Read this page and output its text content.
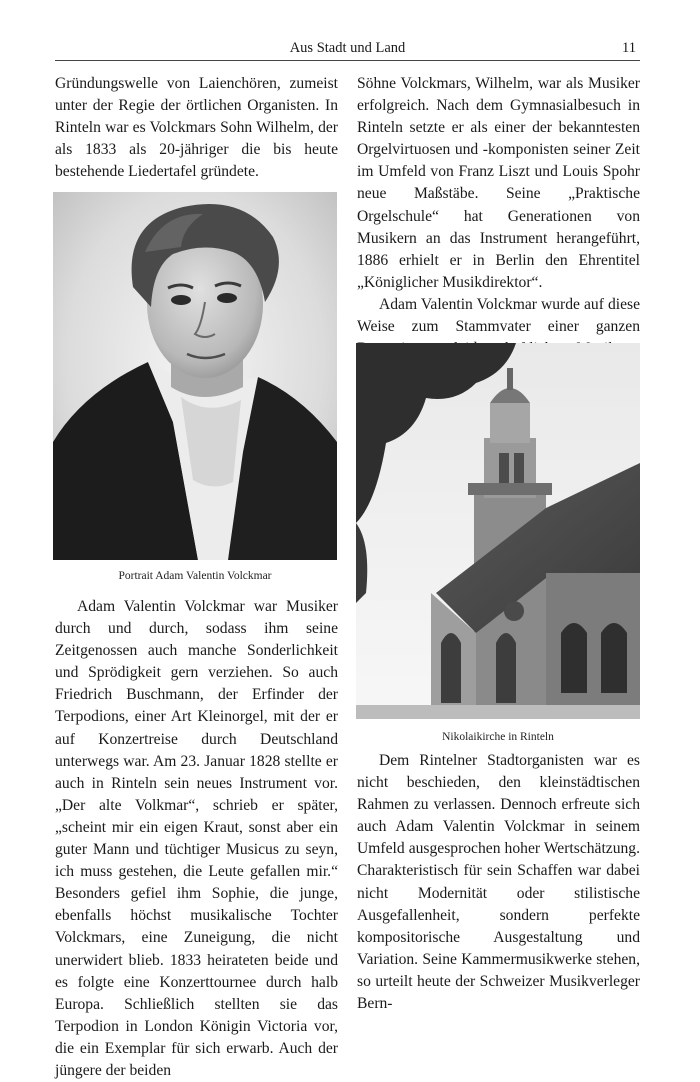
Aus Stadt und Land	11

Gründungswelle von Laienchören, zumeist unter der Regie der örtlichen Organisten. In Rinteln war es Volckmars Sohn Wilhelm, der als 1833 als 20-jähriger die bis heute bestehende Liedertafel gründete.

Portrait Adam Valentin Volckmar

Adam Valentin Volckmar war Musiker durch und durch, sodass ihm seine Zeitgenossen auch manche Sonderlichkeit und Sprödigkeit gern verziehen. So auch Friedrich Buschmann, der Erfinder der Terpodions, einer Art Kleinorgel, mit der er auf Konzertreise durch Deutschland unterwegs war. Am 23. Januar 1828 stellte er auch in Rinteln sein neues Instrument vor. „Der alte Volkmar“, schrieb er später, „scheint mir ein eigen Kraut, sonst aber ein guter Mann und tüchtiger Musicus zu seyn, ich muss gestehen, die Leute gefallen mir.“ Besonders gefiel ihm Sophie, die junge, ebenfalls höchst musikalische Tochter Volckmars, eine Zuneigung, die nicht unerwidert blieb. 1833 heirateten beide und es folgte eine Konzerttournee durch halb Europa. Schließlich stellten sie das Terpodion in London Königin Victoria vor, die ein Exemplar für sich erwarb. Auch der jüngere der beiden

Söhne Volckmars, Wilhelm, war als Musiker erfolgreich. Nach dem Gymnasialbesuch in Rinteln setzte er als einer der bekanntesten Orgelvirtuosen und -komponisten seiner Zeit im Umfeld von Franz Liszt und Louis Spohr neue Maßstäbe. Seine „Praktische Orgelschule“ hat Generationen von Musikern an das Instrument herangeführt, 1886 erhielt er in Berlin den Ehrentitel „Königlicher Musikdirektor“.

Adam Valentin Volckmar wurde auf diese Weise zum Stammvater einer ganzen

Nikolaikirche in Rinteln

Dem Rintelner Stadtorganisten war es nicht beschieden, den kleinstädtischen Rahmen zu verlassen. Dennoch erfreute sich auch Adam Valentin Volckmar in seinem Umfeld ausgesprochen hoher Wertschätzung. Charakteristisch für sein Schaffen war dabei nicht Modernität oder stilistische Ausgefallenheit, sondern perfekte kompositorische Ausgestaltung und Variation. Seine Kammermusikwerke stehen, so urteilt heute der Schweizer Musikverleger Bern-
